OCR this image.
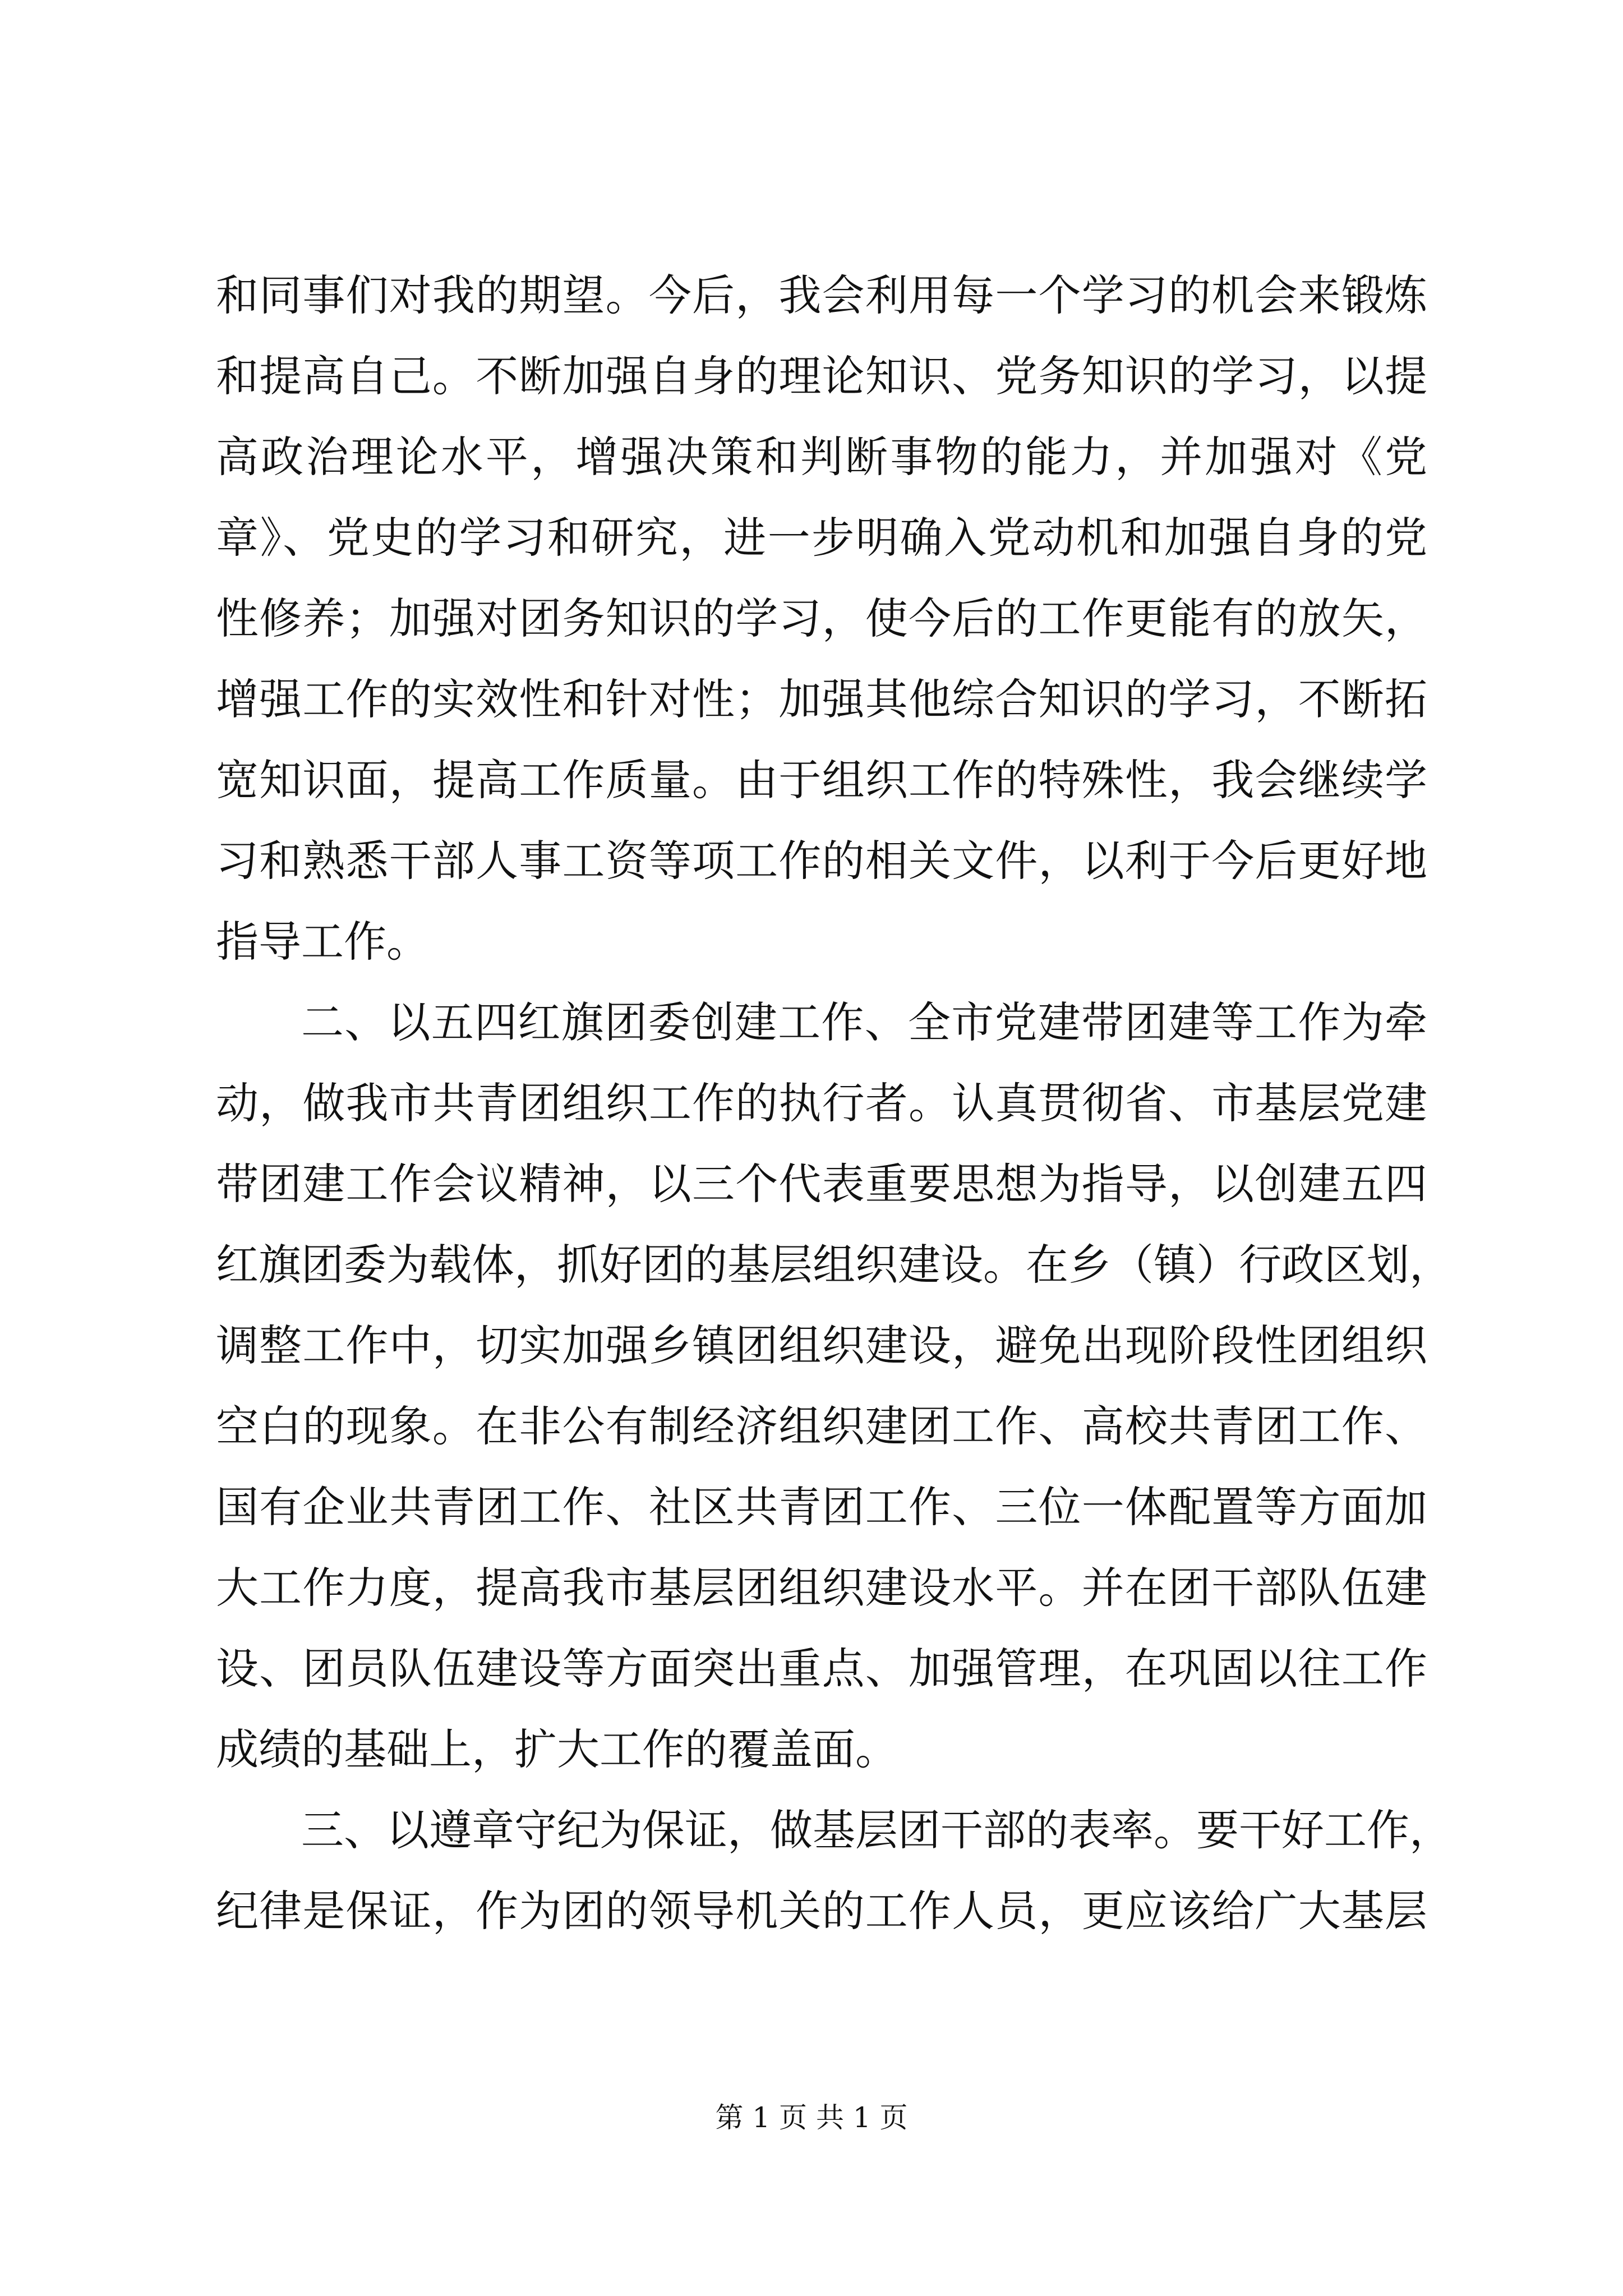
和同事们对我的期望。今后，我会利用每一个学习的机会来锻炼
和提高自己。不断加强自身的理论知识、党务知识的学习，以提
高政治理论水平，增强决策和判断事物的能力，并加强对《党
章》、党史的学习和研究，进一步明确入党动机和加强自身的党
性修养；加强对团务知识的学习，使今后的工作更能有的放矢，
增强工作的实效性和针对性；加强其他综合知识的学习，不断拓
宽知识面，提高工作质量。由于组织工作的特殊性，我会继续学
习和熟悉干部人事工资等项工作的相关文件，以利于今后更好地
指导工作。
二、以五四红旗团委创建工作、全市党建带团建等工作为牵
动，做我市共青团组织工作的执行者。认真贯彻省、市基层党建
带团建工作会议精神，以三个代表重要思想为指导，以创建五四
红旗团委为载体，抓好团的基层组织建设。在乡（镇）行政区划，
调整工作中，切实加强乡镇团组织建设，避免出现阶段性团组织
空白的现象。在非公有制经济组织建团工作、高校共青团工作、
国有企业共青团工作、社区共青团工作、三位一体配置等方面加
大工作力度，提高我市基层团组织建设水平。并在团干部队伍建
设、团员队伍建设等方面突出重点、加强管理，在巩固以往工作
成绩的基础上，扩大工作的覆盖面。
三、以遵章守纪为保证，做基层团干部的表率。要干好工作，
纪律是保证，作为团的领导机关的工作人员，更应该给广大基层
第 1 页 共 1 页
